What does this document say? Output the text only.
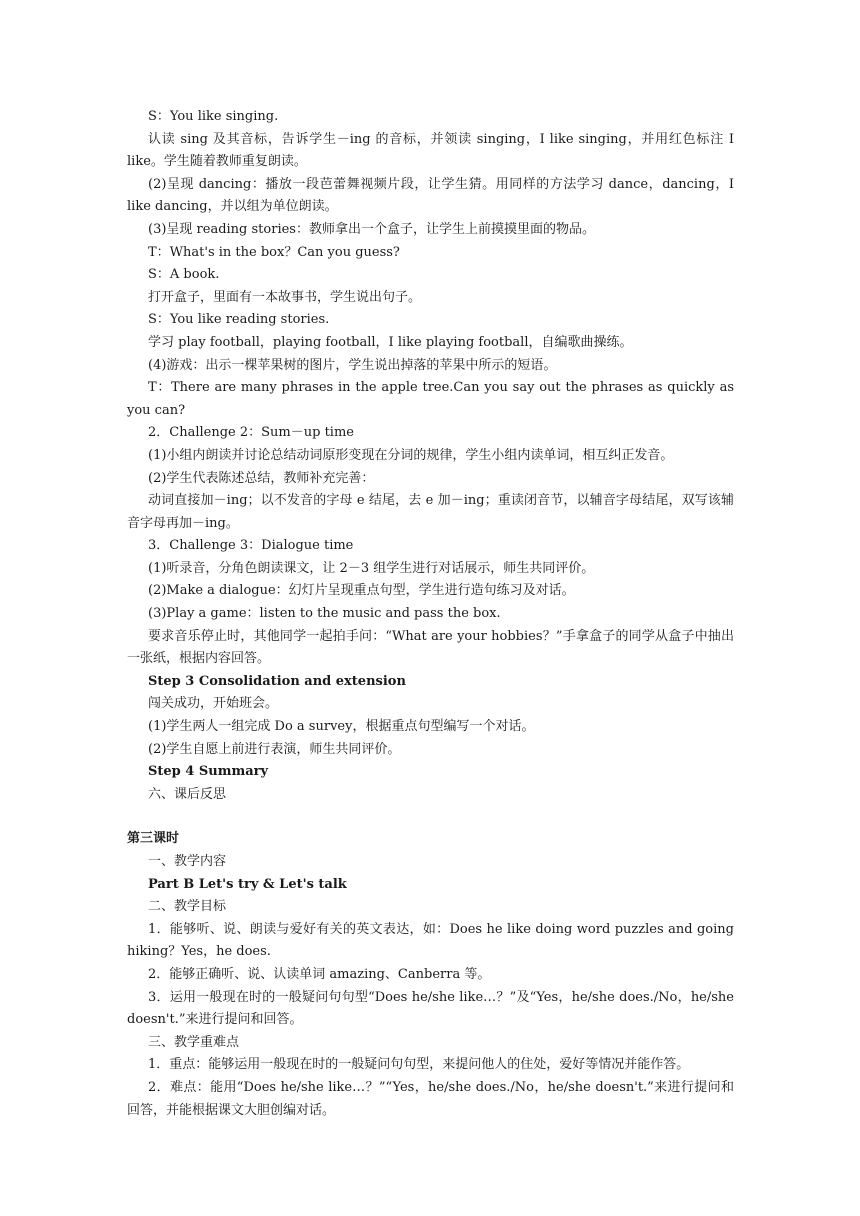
S：You like singing.

认读 sing 及其音标，告诉学生－ing 的音标，并领读 singing，I like singing，并用红色标注 I like。学生随着教师重复朗读。

(2)呈现 dancing：播放一段芭蕾舞视频片段，让学生猜。用同样的方法学习 dance，dancing，I like dancing，并以组为单位朗读。

(3)呈现 reading stories：教师拿出一个盒子，让学生上前摸摸里面的物品。

T：What's in the box？Can you guess?

S：A book.

打开盒子，里面有一本故事书，学生说出句子。

S：You like reading stories.

学习 play football，playing football，I like playing football，自编歌曲操练。

(4)游戏：出示一棵苹果树的图片，学生说出掉落的苹果中所示的短语。

T：There are many phrases in the apple tree.Can you say out the phrases as quickly as you can?

2．Challenge 2：Sum－up time

(1)小组内朗读并讨论总结动词原形变现在分词的规律，学生小组内读单词，相互纠正发音。

(2)学生代表陈述总结，教师补充完善：

动词直接加－ing；以不发音的字母 e 结尾，去 e 加－ing；重读闭音节，以辅音字母结尾，双写该辅音字母再加－ing。

3．Challenge 3：Dialogue time

(1)听录音，分角色朗读课文，让 2－3 组学生进行对话展示，师生共同评价。

(2)Make a dialogue：幻灯片呈现重点句型，学生进行造句练习及对话。

(3)Play a game：listen to the music and pass the box.

要求音乐停止时，其他同学一起拍手问：“What are your hobbies？”手拿盒子的同学从盒子中抽出一张纸，根据内容回答。

Step 3 Consolidation and extension

闯关成功，开始班会。

(1)学生两人一组完成 Do a survey，根据重点句型编写一个对话。

(2)学生自愿上前进行表演，师生共同评价。

Step 4 Summary

六、课后反思

第三课时

一、教学内容

Part B Let's try & Let's talk

二、教学目标

1．能够听、说、朗读与爱好有关的英文表达，如：Does he like doing word puzzles and going hiking？Yes，he does.

2．能够正确听、说、认读单词 amazing、Canberra 等。

3．运用一般现在时的一般疑问句句型“Does he/she like…？”及“Yes，he/she does./No，he/she doesn't.”来进行提问和回答。

三、教学重难点

1．重点：能够运用一般现在时的一般疑问句句型，来提问他人的住处，爱好等情况并能作答。

2．难点：能用“Does he/she like…？”“Yes，he/she does./No，he/she doesn't.”来进行提问和回答，并能根据课文大胆创编对话。
